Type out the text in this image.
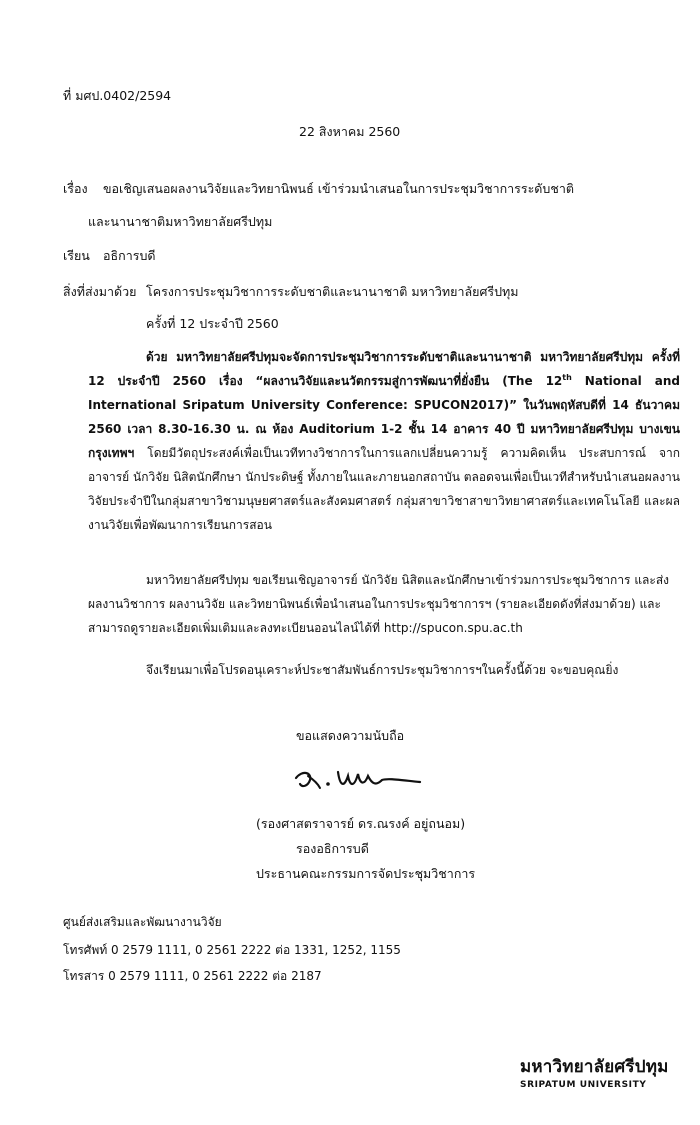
ที่ มศป.0402/2594
22 สิงหาคม 2560
เรื่อง ขอเชิญเสนอผลงานวิจัยและวิทยานิพนธ์ เข้าร่วมนำเสนอในการประชุมวิชาการระดับชาติ
และนานาชาติมหาวิทยาลัยศรีปทุม
เรียน อธิการบดี
สิ่งที่ส่งมาด้วย โครงการประชุมวิชาการระดับชาติและนานาชาติ มหาวิทยาลัยศรีปทุม
ครั้งที่ 12 ประจำปี 2560
ด้วย มหาวิทยาลัยศรีปทุมจะจัดการประชุมวิชาการระดับชาติและนานาชาติ มหาวิทยาลัยศรีปทุม ครั้งที่ 12 ประจำปี 2560 เรื่อง “ผลงานวิจัยและนวัตกรรมสู่การพัฒนาที่ยั่งยืน (The 12th National and International Sripatum University Conference: SPUCON2017)” ในวันพฤหัสบดีที่ 14 ธันวาคม 2560 เวลา 8.30-16.30 น. ณ ห้อง Auditorium 1-2 ชั้น 14 อาคาร 40 ปี มหาวิทยาลัยศรีปทุม บางเขน กรุงเทพฯ โดยมีวัตถุประสงค์เพื่อเป็นเวทีทางวิชาการในการแลกเปลี่ยนความรู้ ความคิดเห็น ประสบการณ์ จาก อาจารย์ นักวิจัย นิสิตนักศึกษา นักประดิษฐ์ ทั้งภายในและภายนอกสถาบัน ตลอดจนเพื่อเป็นเวทีสำหรับนำเสนอผลงานวิจัยประจำปีในกลุ่มสาขาวิชามนุษยศาสตร์และสังคมศาสตร์ กลุ่มสาขาวิชาสาขาวิทยาศาสตร์และเทคโนโลยี และผลงานวิจัยเพื่อพัฒนาการเรียนการสอน
มหาวิทยาลัยศรีปทุม ขอเรียนเชิญอาจารย์ นักวิจัย นิสิตและนักศึกษาเข้าร่วมการประชุมวิชาการ และส่งผลงานวิชาการ ผลงานวิจัย และวิทยานิพนธ์เพื่อนำเสนอในการประชุมวิชาการฯ (รายละเอียดดังที่ส่งมาด้วย) และสามารถดูรายละเอียดเพิ่มเติมและลงทะเบียนออนไลน์ได้ที่ http://spucon.spu.ac.th
จึงเรียนมาเพื่อโปรดอนุเคราะห์ประชาสัมพันธ์การประชุมวิชาการฯในครั้งนี้ด้วย จะขอบคุณยิ่ง
ขอแสดงความนับถือ
(รองศาสตราจารย์ ดร.ณรงค์ อยู่ถนอม)
รองอธิการบดี
ประธานคณะกรรมการจัดประชุมวิชาการ
ศูนย์ส่งเสริมและพัฒนางานวิจัย
โทรศัพท์ 0 2579 1111, 0 2561 2222 ต่อ 1331, 1252, 1155
โทรสาร 0 2579 1111, 0 2561 2222 ต่อ 2187
มหาวิทยาลัยศรีปทุม
SRIPATUM UNIVERSITY
